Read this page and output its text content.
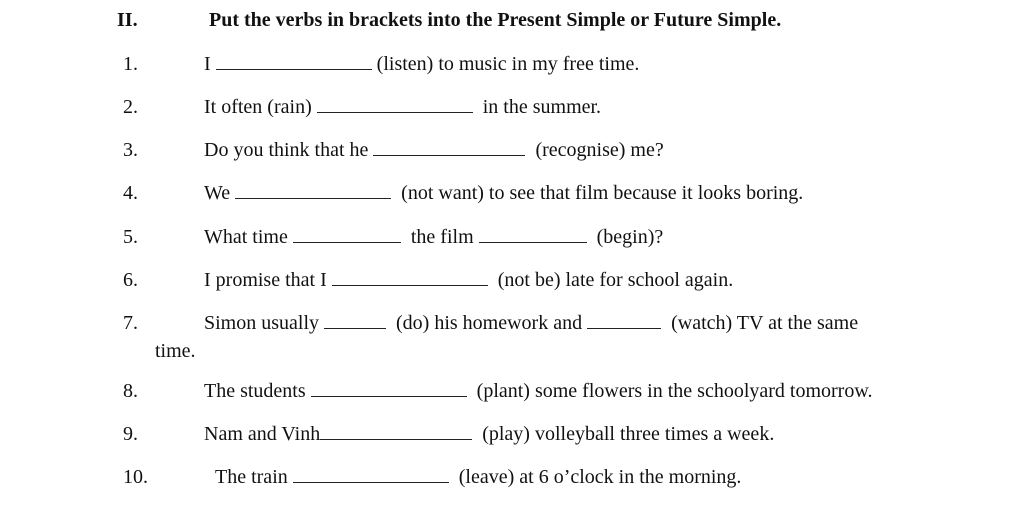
II.	Put the verbs in brackets into the Present Simple or Future Simple.
1.	I	(listen) to music in my free time.
2.	It often (rain)	in the summer.
3.	Do you think that he	(recognise) me?
4.	We	(not want) to see that film because it looks boring.
5.	What time	the film	(begin)?
6.	I promise that I	(not be) late for school again.
7.	Simon usually	(do) his homework and	(watch) TV at the same
time.
8.	The students	(plant) some flowers in the schoolyard tomorrow.
9.	Nam and Vinh	(play) volleyball three times a week.
10.	The train	(leave) at 6 o’clock in the morning.
